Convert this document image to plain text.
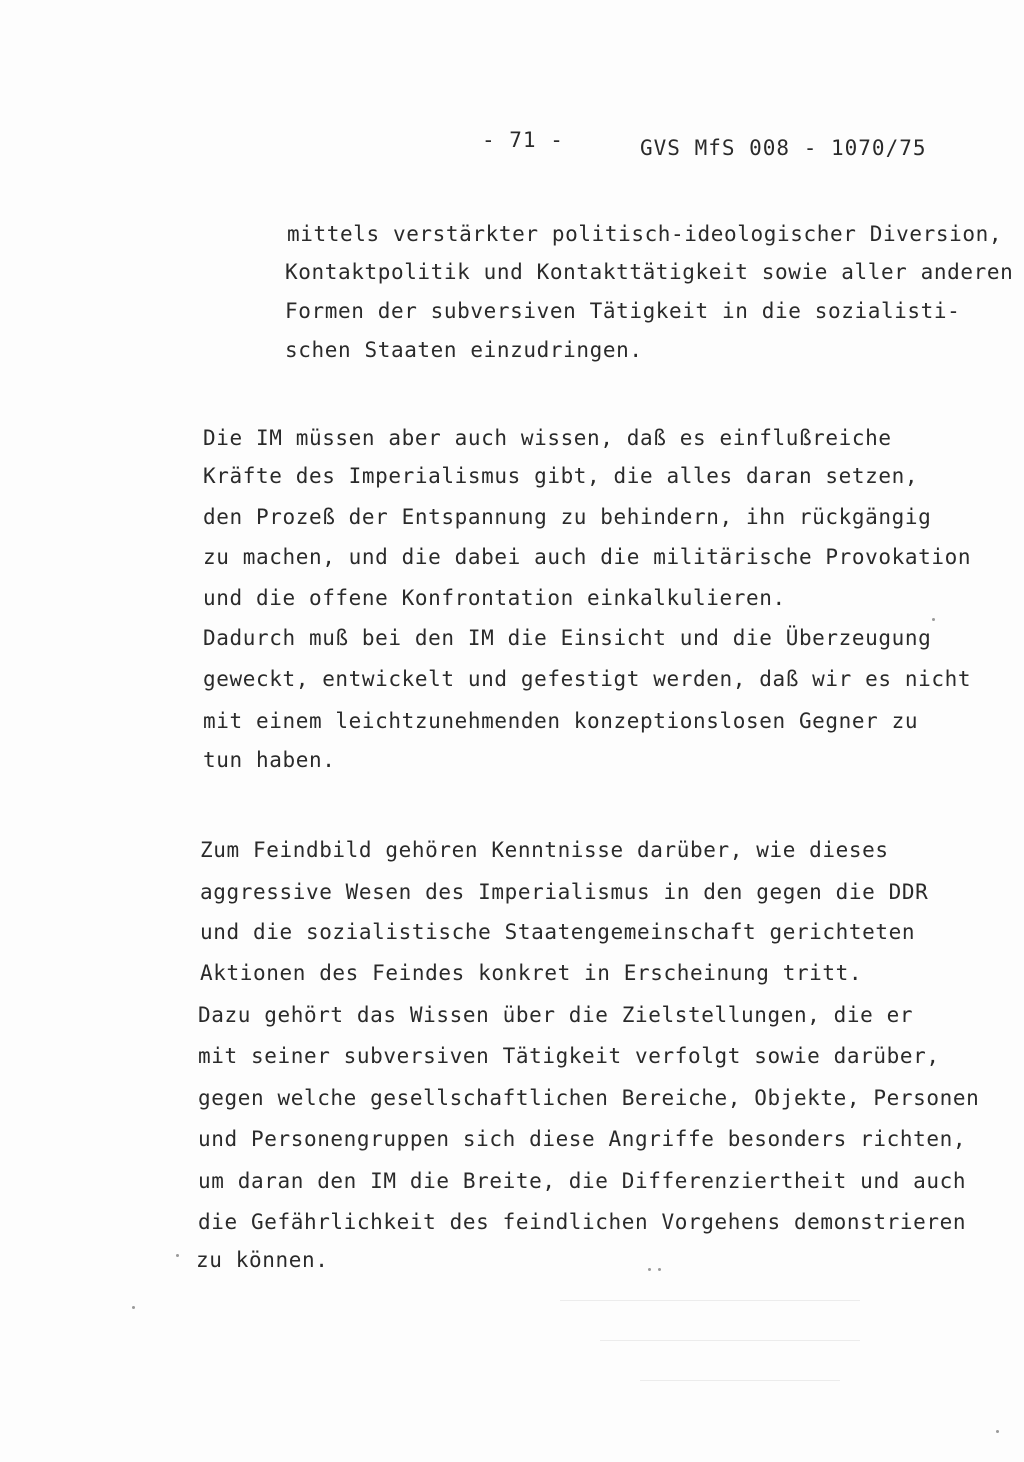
- 71 -	GVS MfS 008 - 1070/75
mittels verstärkter politisch-ideologischer Diversion,
Kontaktpolitik und Kontakttätigkeit sowie aller anderen
Formen der subversiven Tätigkeit in die sozialisti-
schen Staaten einzudringen.
Die IM müssen aber auch wissen, daß es einflußreiche
Kräfte des Imperialismus gibt, die alles daran setzen,
den Prozeß der Entspannung zu behindern, ihn rückgängig
zu machen, und die dabei auch die militärische Provokation
und die offene Konfrontation einkalkulieren.
Dadurch muß bei den IM die Einsicht und die Überzeugung
geweckt, entwickelt und gefestigt werden, daß wir es nicht
mit einem leichtzunehmenden konzeptionslosen Gegner zu
tun haben.
Zum Feindbild gehören Kenntnisse darüber, wie dieses
aggressive Wesen des Imperialismus in den gegen die DDR
und die sozialistische Staatengemeinschaft gerichteten
Aktionen des Feindes konkret in Erscheinung tritt.
Dazu gehört das Wissen über die Zielstellungen, die er
mit seiner subversiven Tätigkeit verfolgt sowie darüber,
gegen welche gesellschaftlichen Bereiche, Objekte, Personen
und Personengruppen sich diese Angriffe besonders richten,
um daran den IM die Breite, die Differenziertheit und auch
die Gefährlichkeit des feindlichen Vorgehens demonstrieren
zu können.
